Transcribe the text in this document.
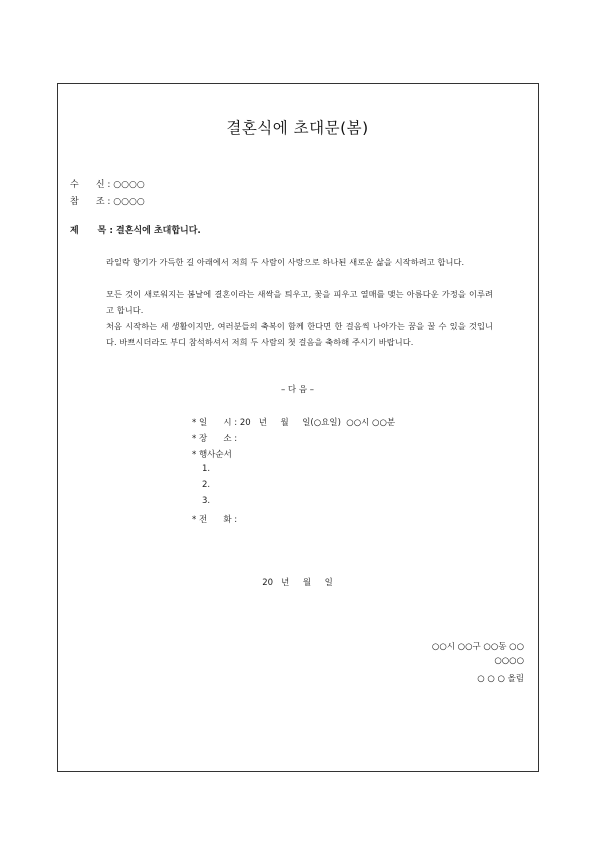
결혼식에 초대문(봄)
수      신 : ○○○○
참      조 : ○○○○
제      목 : 결혼식에 초대합니다.
라일락 향기가 가득한 길 아래에서 저희 두 사람이 사랑으로 하나된 새로운 삶을 시작하려고 합니다.
모든 것이 새로워지는 봄날에 결혼이라는 새싹을 틔우고, 꽃을 피우고 열매를 맺는 아름다운 가정을 이루려고 합니다.
처음 시작하는 새 생활이지만, 여러분들의 축복이 함께 한다면 한 걸음씩 나아가는 꿈을 꿀 수 있을 것입니다. 바쁘시더라도 부디 참석하셔서 저희 두 사람의 첫 걸음을 축하해 주시기 바랍니다.
– 다 음 –
* 일      시 : 20   년     월     일(○요일)  ○○시 ○○분
* 장      소 :
* 행사순서
1.
2.
3.
* 전      화 :
20   년     월     일
○○시 ○○구 ○○동 ○○
○○○○
○ ○ ○ 올림
